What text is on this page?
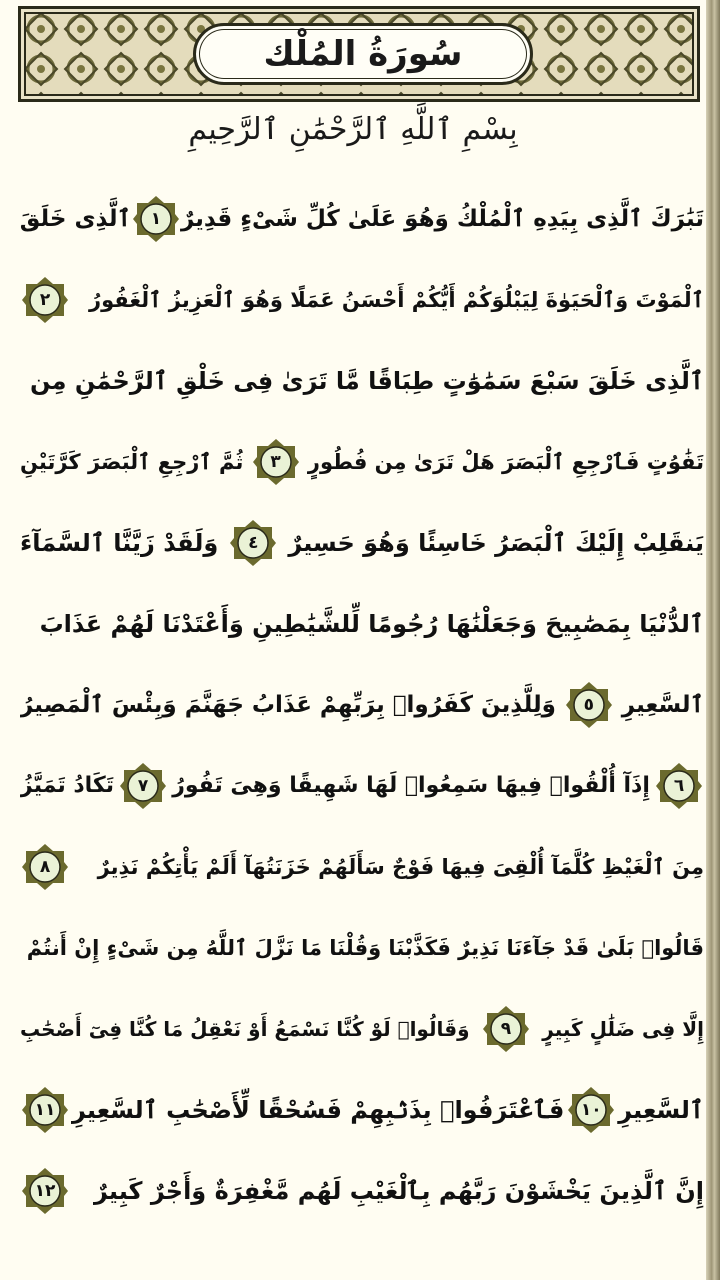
سُورَةُ المُلْك
بِسْمِ ٱللَّهِ ٱلرَّحْمَٰنِ ٱلرَّحِيمِ
تَبَٰرَكَ ٱلَّذِى بِيَدِهِ ٱلْمُلْكُ وَهُوَ عَلَىٰ كُلِّ شَىْءٍ قَدِيرٌ
١
ٱلَّذِى خَلَقَ
ٱلْمَوْتَ وَٱلْحَيَوٰةَ لِيَبْلُوَكُمْ أَيُّكُمْ أَحْسَنُ عَمَلًا وَهُوَ ٱلْعَزِيزُ ٱلْغَفُورُ
٢
ٱلَّذِى خَلَقَ سَبْعَ سَمَٰوَٰتٍ طِبَاقًا مَّا تَرَىٰ فِى خَلْقِ ٱلرَّحْمَٰنِ مِن
تَفَٰوُتٍ فَٱرْجِعِ ٱلْبَصَرَ هَلْ تَرَىٰ مِن فُطُورٍ
٣
ثُمَّ ٱرْجِعِ ٱلْبَصَرَ كَرَّتَيْنِ
يَنقَلِبْ إِلَيْكَ ٱلْبَصَرُ خَاسِئًا وَهُوَ حَسِيرٌ
٤
وَلَقَدْ زَيَّنَّا ٱلسَّمَآءَ
ٱلدُّنْيَا بِمَصَٰبِيحَ وَجَعَلْنَٰهَا رُجُومًا لِّلشَّيَٰطِينِ وَأَعْتَدْنَا لَهُمْ عَذَابَ
ٱلسَّعِيرِ
٥
وَلِلَّذِينَ كَفَرُوا۟ بِرَبِّهِمْ عَذَابُ جَهَنَّمَ وَبِئْسَ ٱلْمَصِيرُ
٦
إِذَآ أُلْقُوا۟ فِيهَا سَمِعُوا۟ لَهَا شَهِيقًا وَهِىَ تَفُورُ
٧
تَكَادُ تَمَيَّزُ
مِنَ ٱلْغَيْظِ كُلَّمَآ أُلْقِىَ فِيهَا فَوْجٌ سَأَلَهُمْ خَزَنَتُهَآ أَلَمْ يَأْتِكُمْ نَذِيرٌ
٨
قَالُوا۟ بَلَىٰ قَدْ جَآءَنَا نَذِيرٌ فَكَذَّبْنَا وَقُلْنَا مَا نَزَّلَ ٱللَّهُ مِن شَىْءٍ إِنْ أَنتُمْ
إِلَّا فِى ضَلَٰلٍ كَبِيرٍ
٩
وَقَالُوا۟ لَوْ كُنَّا نَسْمَعُ أَوْ نَعْقِلُ مَا كُنَّا فِىٓ أَصْحَٰبِ
ٱلسَّعِيرِ
١٠
فَٱعْتَرَفُوا۟ بِذَنۢبِهِمْ فَسُحْقًا لِّأَصْحَٰبِ ٱلسَّعِيرِ
١١
إِنَّ ٱلَّذِينَ يَخْشَوْنَ رَبَّهُم بِٱلْغَيْبِ لَهُم مَّغْفِرَةٌ وَأَجْرٌ كَبِيرٌ
١٢
